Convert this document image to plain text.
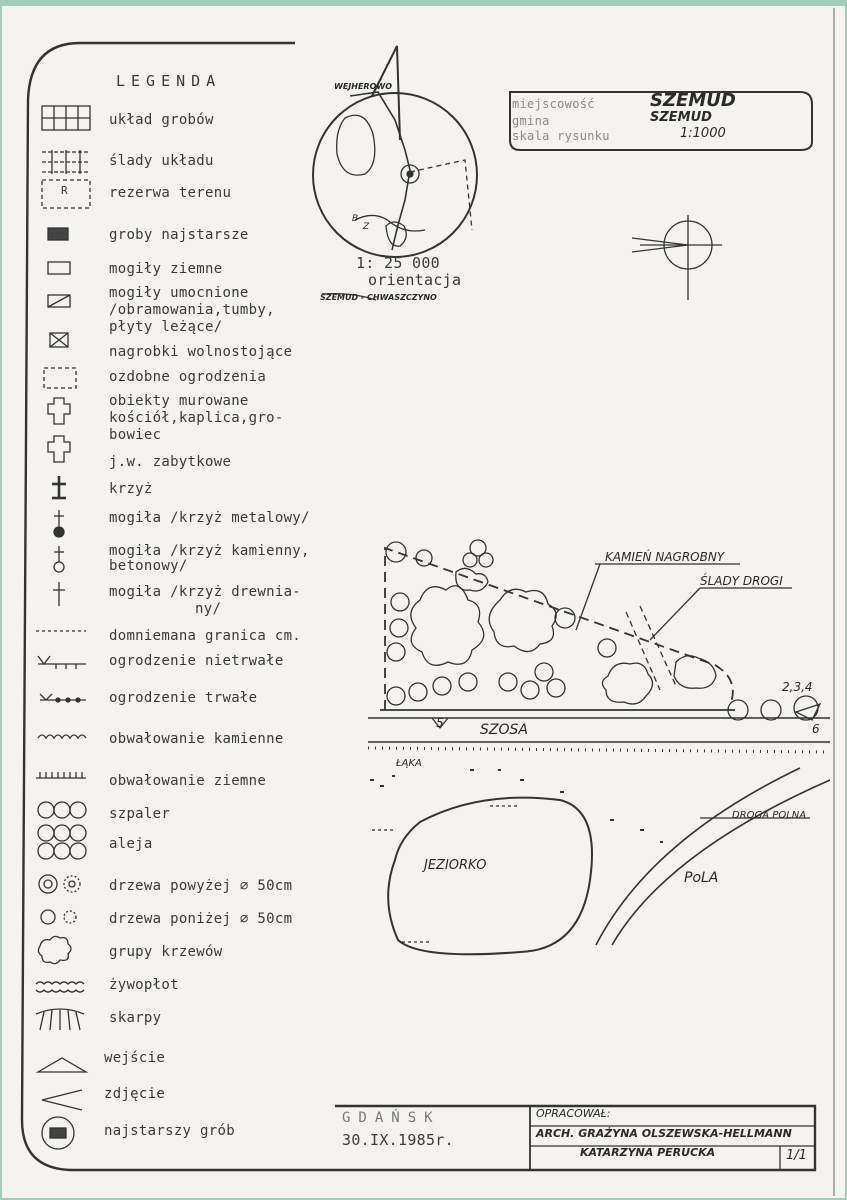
LEGENDA
układ grobów
ślady układu
R	rezerwa terenu
groby najstarsze
mogiły ziemne
mogiły umocnione
/obramowania,tumby,
płyty leżące/
nagrobki wolnostojące
ozdobne ogrodzenia
obiekty murowane
kościół,kaplica,gro-
bowiec
j.w. zabytkowe
krzyż
mogiła /krzyż metalowy/
mogiła /krzyż kamienny,
betonowy/
mogiła /krzyż drewnia-
ny/
domniemana granica cm.
ogrodzenie nietrwałe
ogrodzenie trwałe
obwałowanie kamienne
obwałowanie ziemne
szpaler
aleja
drzewa powyżej ⌀ 50cm
drzewa poniżej ⌀ 50cm
grupy krzewów
żywopłot
skarpy
wejście
zdjęcie
najstarszy grób
WEJHEROWO
1: 25 000
orientacja
SZEMUD - CHWASZCZYNO
B
Z
miejscowość	SZEMUD
gmina	SZEMUD
skala rysunku	1:1000
KAMIEŃ NAGROBNY
ŚLADY DROGI
SZOSA
ŁĄKA
JEZIORKO
DROGA POLNA
PoLA
2,3,4
5	6
GDAŃSK
30.IX.1985r.
OPRACOWAŁ:
ARCH. GRAŻYNA OLSZEWSKA-HELLMANN
KATARZYNA PERUCKA	1/1
